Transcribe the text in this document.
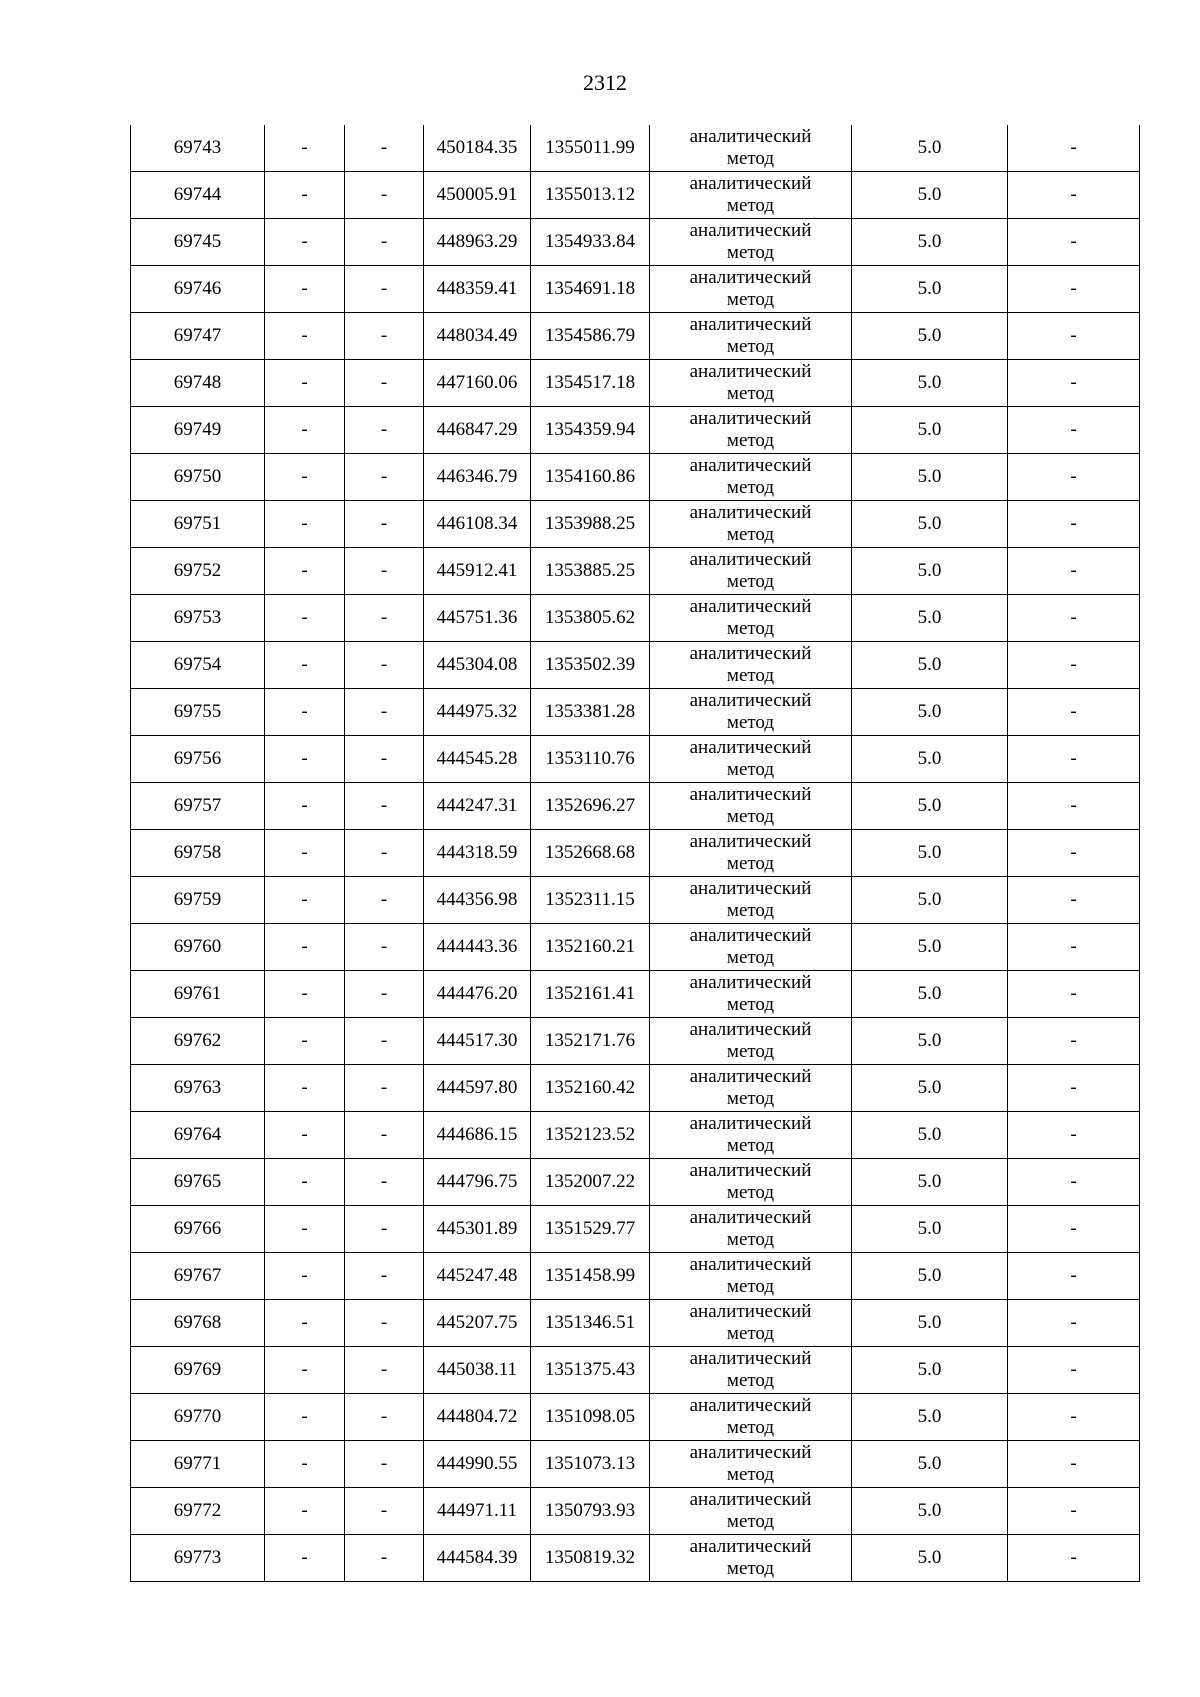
2312
69743	-	-	450184.35	1355011.99	аналитический
метод	5.0	-
69744	-	-	450005.91	1355013.12	аналитический
метод	5.0	-
69745	-	-	448963.29	1354933.84	аналитический
метод	5.0	-
69746	-	-	448359.41	1354691.18	аналитический
метод	5.0	-
69747	-	-	448034.49	1354586.79	аналитический
метод	5.0	-
69748	-	-	447160.06	1354517.18	аналитический
метод	5.0	-
69749	-	-	446847.29	1354359.94	аналитический
метод	5.0	-
69750	-	-	446346.79	1354160.86	аналитический
метод	5.0	-
69751	-	-	446108.34	1353988.25	аналитический
метод	5.0	-
69752	-	-	445912.41	1353885.25	аналитический
метод	5.0	-
69753	-	-	445751.36	1353805.62	аналитический
метод	5.0	-
69754	-	-	445304.08	1353502.39	аналитический
метод	5.0	-
69755	-	-	444975.32	1353381.28	аналитический
метод	5.0	-
69756	-	-	444545.28	1353110.76	аналитический
метод	5.0	-
69757	-	-	444247.31	1352696.27	аналитический
метод	5.0	-
69758	-	-	444318.59	1352668.68	аналитический
метод	5.0	-
69759	-	-	444356.98	1352311.15	аналитический
метод	5.0	-
69760	-	-	444443.36	1352160.21	аналитический
метод	5.0	-
69761	-	-	444476.20	1352161.41	аналитический
метод	5.0	-
69762	-	-	444517.30	1352171.76	аналитический
метод	5.0	-
69763	-	-	444597.80	1352160.42	аналитический
метод	5.0	-
69764	-	-	444686.15	1352123.52	аналитический
метод	5.0	-
69765	-	-	444796.75	1352007.22	аналитический
метод	5.0	-
69766	-	-	445301.89	1351529.77	аналитический
метод	5.0	-
69767	-	-	445247.48	1351458.99	аналитический
метод	5.0	-
69768	-	-	445207.75	1351346.51	аналитический
метод	5.0	-
69769	-	-	445038.11	1351375.43	аналитический
метод	5.0	-
69770	-	-	444804.72	1351098.05	аналитический
метод	5.0	-
69771	-	-	444990.55	1351073.13	аналитический
метод	5.0	-
69772	-	-	444971.11	1350793.93	аналитический
метод	5.0	-
69773	-	-	444584.39	1350819.32	аналитический
метод	5.0	-
